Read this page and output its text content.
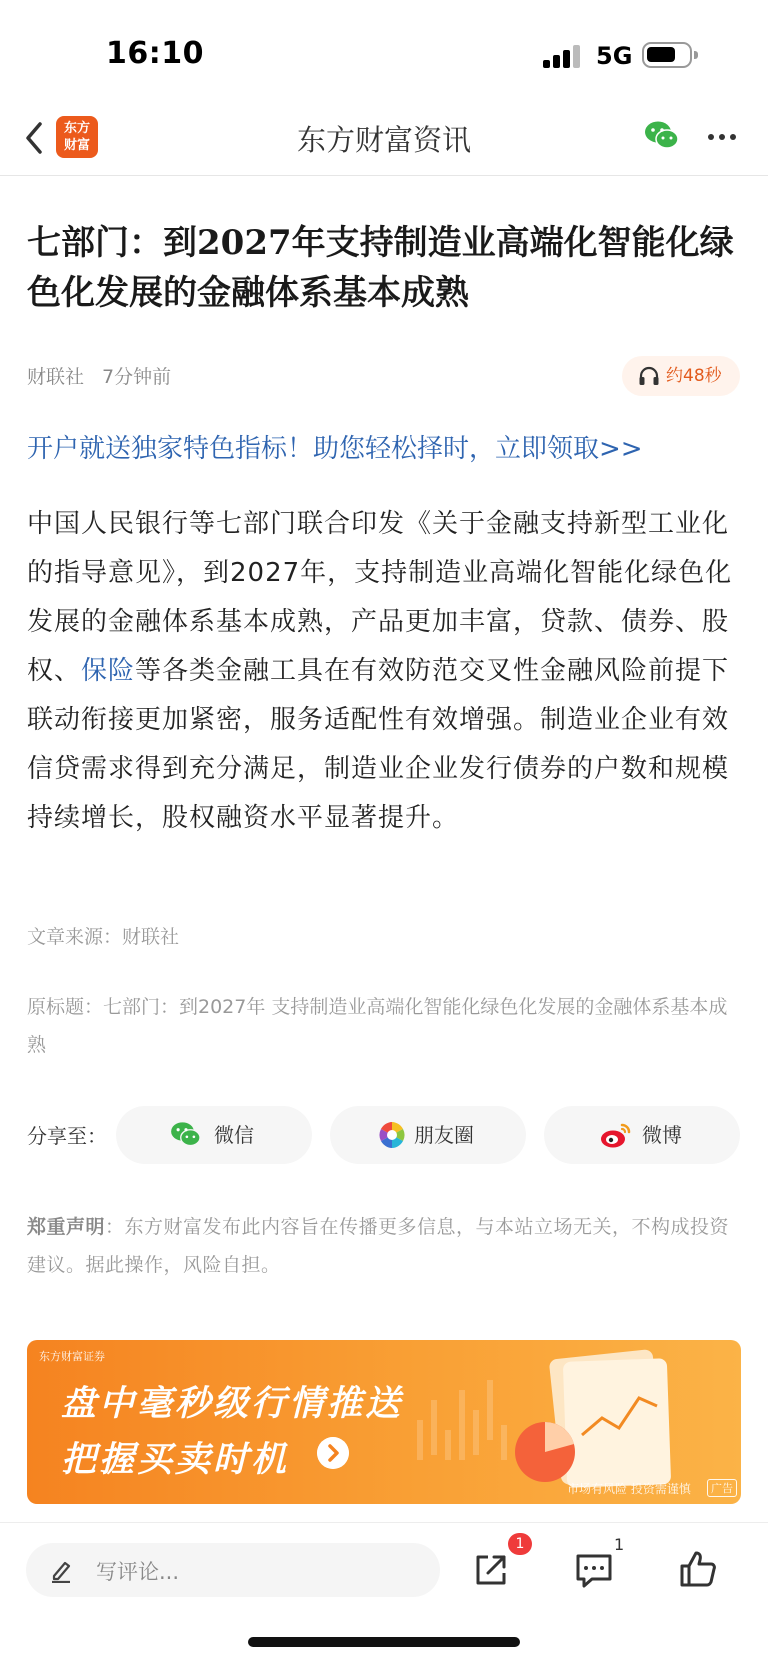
16:10	5G
东方
财富	东方财富资讯
七部门：到2027年支持制造业高端化智能化绿色化发展的金融体系基本成熟
财联社 7分钟前	约48秒
开户就送独家特色指标！助您轻松择时，立即领取>>
中国人民银行等七部门联合印发《关于金融支持新型工业化的指导意见》，到2027年，支持制造业高端化智能化绿色化发展的金融体系基本成熟，产品更加丰富，贷款、债券、股权、保险等各类金融工具在有效防范交叉性金融风险前提下联动衔接更加紧密，服务适配性有效增强。制造业企业有效信贷需求得到充分满足，制造业企业发行债券的户数和规模持续增长，股权融资水平显著提升。
文章来源：财联社
原标题：七部门：到2027年 支持制造业高端化智能化绿色化发展的金融体系基本成熟
分享至：	微信	朋友圈	微博
郑重声明：东方财富发布此内容旨在传播更多信息，与本站立场无关，不构成投资建议。据此操作，风险自担。
东方财富证券
盘中毫秒级行情推送
把握买卖时机
市场有风险 投资需谨慎	广告
写评论...
1	1
